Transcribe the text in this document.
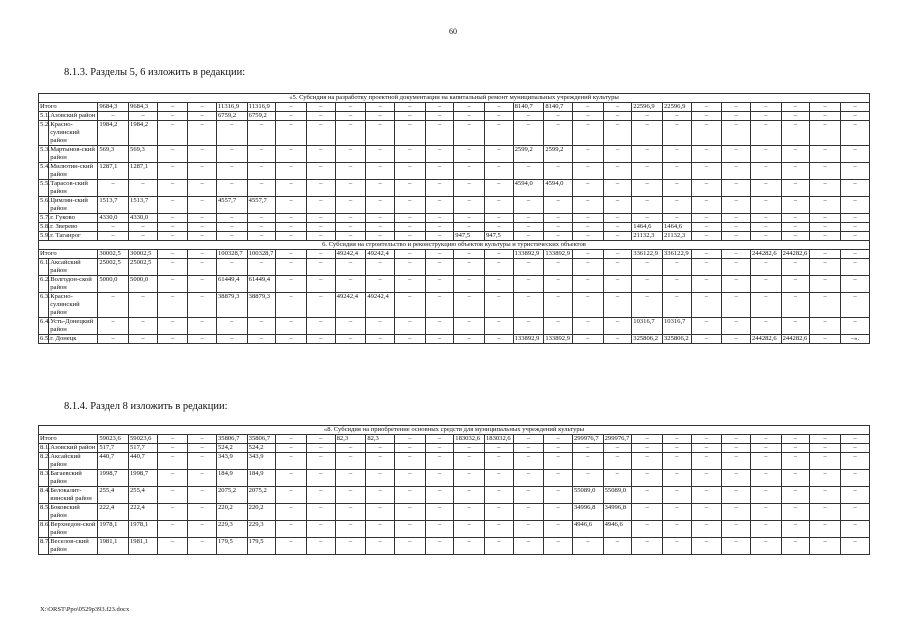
60
8.1.3. Разделы 5, 6 изложить в редакции:
«5. Субсидия на разработку проектной документации на капитальный ремонт муниципальных учреждений культуры																											
Итого		9684,3	9684,3	–	–	11316,9	11316,9	–	–	–	–	–	–	–	–	8140,7	8140,7	–	–	22596,9	22596,9	–	–	–	–	–	–
5.1.	Азовский район	–	–	–	–	6759,2	6759,2	–	–	–	–	–	–	–	–	–	–	–	–	–	–	–	–	–	–	–	–
5.2.	Красно-сулинский район	1984,2	1984,2	–	–	–	–	–	–	–	–	–	–	–	–	–	–	–	–	–	–	–	–	–	–	–	–
5.3.	Мартынов-ский район	569,3	569,3	–	–	–	–	–	–	–	–	–	–	–	–	2599,2	2599,2	–	–	–	–	–	–	–	–	–	–
5.4.	Милютин-ский район	1287,1	1287,1	–	–	–	–	–	–	–	–	–	–	–	–	–	–	–	–	–	–	–	–	–	–	–	–
5.5.	Тарасов-ский район	–	–	–	–	–	–	–	–	–	–	–	–	–	–	4594,0	4594,0	–	–	–	–	–	–	–	–	–	–
5.6.	Цимлян-ский район	1513,7	1513,7	–	–	4557,7	4557,7	–	–	–	–	–	–	–	–	–	–	–	–	–	–	–	–	–	–	–	–
5.7.	г. Гуково	4330,0	4330,0	–	–	–	–	–	–	–	–	–	–	–	–	–	–	–	–	–	–	–	–	–	–	–	–
5.8.	г. Зверево	–	–	–	–	–	–	–	–	–	–	–	–	–	–	–	–	–	–	1464,6	1464,6	–	–	–	–	–	–
5.9.	г. Таганрог	–	–	–	–	–	–	–	–	–	–	–	–	947,5	947,5	–	–	–	–	21132,3	21132,3	–	–	–	–	–	–
6. Субсидия на строительство и реконструкцию объектов культуры и туристических объектов																											
Итого		30002,5	30002,5	–	–	100328,7	100328,7	–	–	49242,4	49242,4	–	–	–	–	133892,9	133892,9	–	–	336122,9	336122,9	–	–	244282,6	244282,6	–	–
6.1.	Аксайский район	25002,5	25002,5	–	–	–	–	–	–	–	–	–	–	–	–	–	–	–	–	–	–	–	–	–	–	–	–
6.2.	Волгодон-ской район	5000,0	5000,0	–	–	61449,4	61449,4	–	–	–	–	–	–	–	–	–	–	–	–	–	–	–	–	–	–	–	–
6.3.	Красно-сулинский район	–	–	–	–	38879,3	38879,3	–	–	49242,4	49242,4	–	–	–	–	–	–	–	–	–	–	–	–	–	–	–	–
6.4.	Усть-Донецкий район	–	–	–	–	–	–	–	–	–	–	–	–	–	–	–	–	–	–	10316,7	10316,7	–	–	–	–	–	–
6.5.	г. Донецк	–	–	–	–	–	–	–	–	–	–	–	–	–	–	133892,9	133892,9	–	–	325806,2	325806,2	–	–	244282,6	244282,6	–	–».
8.1.4. Раздел 8 изложить в редакции:
«8. Субсидия на приобретение основных средств для муниципальных учреждений культуры																											
Итого		59023,6	59023,6	–	–	35806,7	35806,7	–	–	82,3	82,3	–	–	183032,6	183032,6	–	–	299976,7	299976,7	–	–	–	–	–	–	–	–
8.1.	Азовский район	517,7	517,7	–	–	524,2	524,2	–	–	–	–	–	–	–	–	–	–	–	–	–	–	–	–	–	–	–	–
8.2.	Аксайский район	440,7	440,7	–	–	343,9	343,9	–	–	–	–	–	–	–	–	–	–	–	–	–	–	–	–	–	–	–	–
8.3.	Багаевский район	1998,7	1998,7	–	–	184,9	184,9	–	–	–	–	–	–	–	–	–	–	–	–	–	–	–	–	–	–	–	–
8.4.	Белокалит-винский район	255,4	255,4	–	–	2075,2	2075,2	–	–	–	–	–	–	–	–	–	–	55089,0	55089,0	–	–	–	–	–	–	–	–
8.5.	Боковский район	222,4	222,4	–	–	220,2	220,2	–	–	–	–	–	–	–	–	–	–	34996,8	34996,8	–	–	–	–	–	–	–	–
8.6.	Верхнедон-ской район	1978,1	1978,1	–	–	229,3	229,3	–	–	–	–	–	–	–	–	–	–	4946,6	4946,6	–	–	–	–	–	–	–	–
8.7.	Веселов-ский район	1981,1	1981,1	–	–	179,5	179,5	–	–	–	–	–	–	–	–	–	–	–	–	–	–	–	–	–	–	–	–
X:\ORST\Ppo\0529p393.f23.docx
